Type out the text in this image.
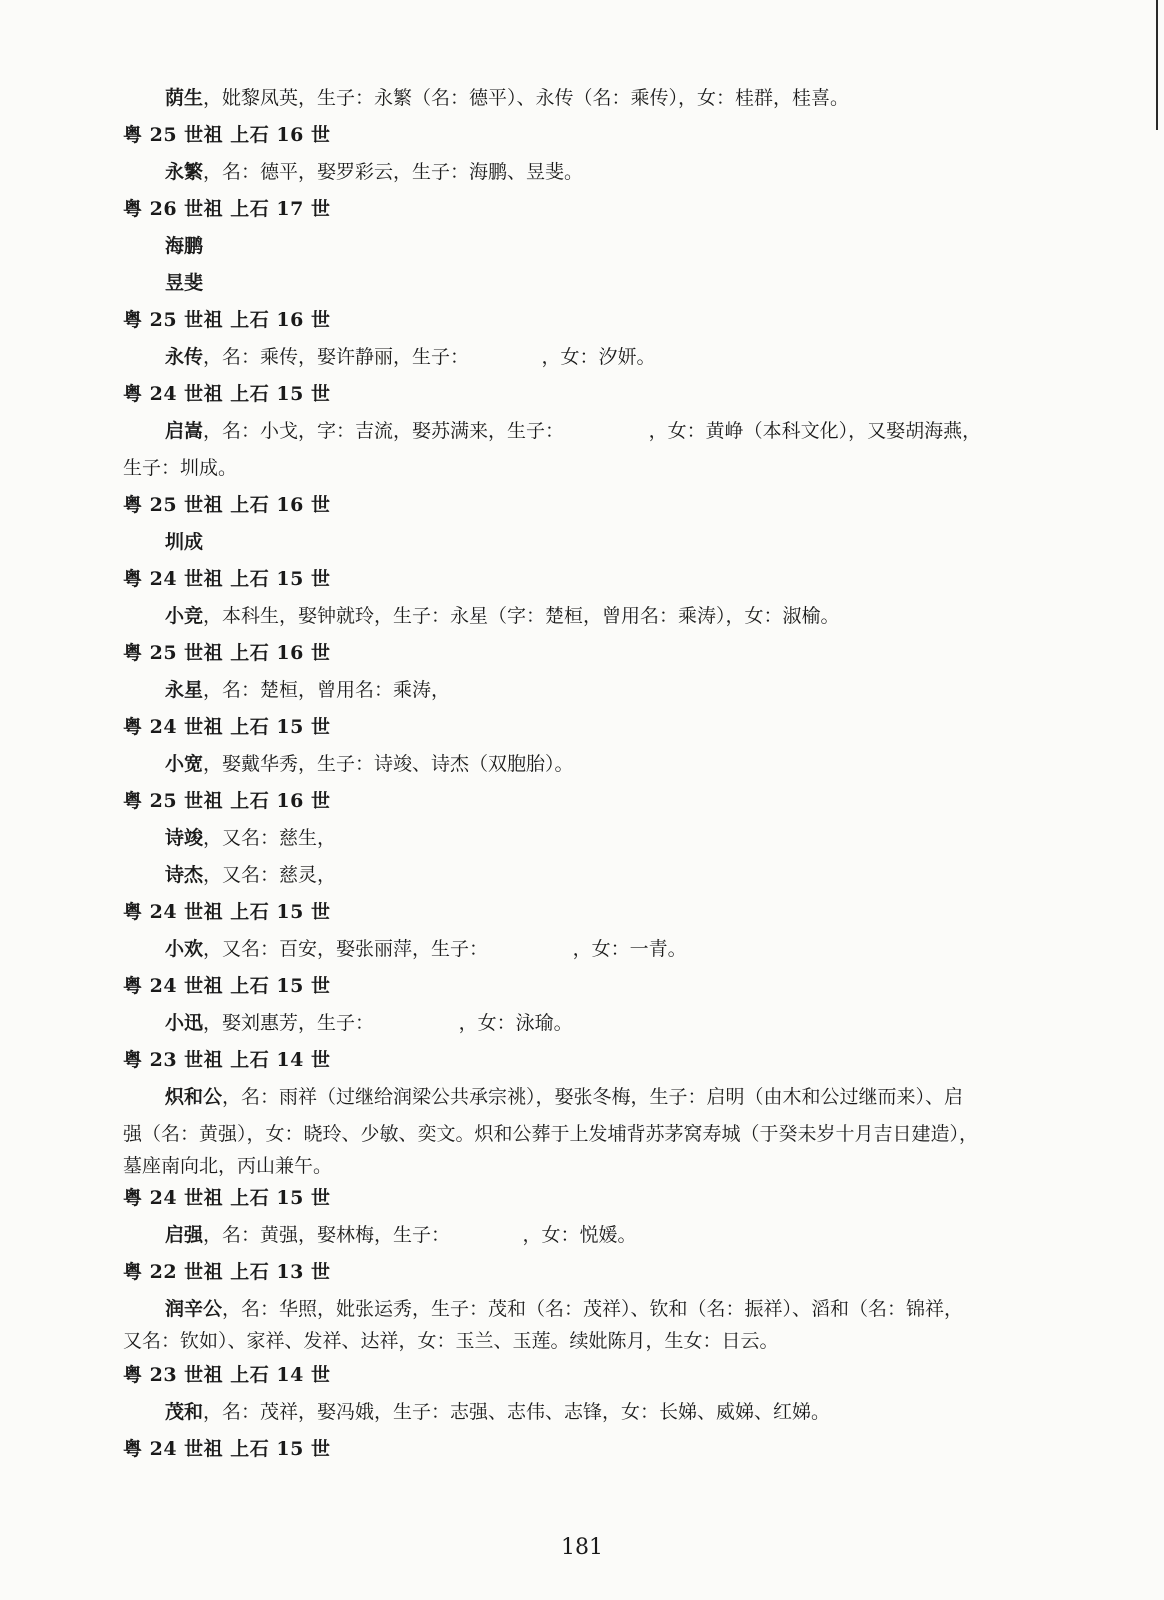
荫生，妣黎凤英，生子：永繁（名：德平）、永传（名：乘传），女：桂群，桂喜。
粤 25 世祖 上石 16 世
永繁，名：德平，娶罗彩云，生子：海鹏、昱斐。
粤 26 世祖 上石 17 世
海鹏
昱斐
粤 25 世祖 上石 16 世
永传，名：乘传，娶许静丽，生子：            ，女：汐妍。
粤 24 世祖 上石 15 世
启嵩，名：小戈，字：吉流，娶苏满来，生子：              ，女：黄峥（本科文化），又娶胡海燕，
生子：圳成。
粤 25 世祖 上石 16 世
圳成
粤 24 世祖 上石 15 世
小竞，本科生，娶钟就玲，生子：永星（字：楚桓，曾用名：乘涛），女：淑榆。
粤 25 世祖 上石 16 世
永星，名：楚桓，曾用名：乘涛，
粤 24 世祖 上石 15 世
小宽，娶戴华秀，生子：诗竣、诗杰（双胞胎）。
粤 25 世祖 上石 16 世
诗竣，又名：慈生，
诗杰，又名：慈灵，
粤 24 世祖 上石 15 世
小欢，又名：百安，娶张丽萍，生子：              ，女：一青。
粤 24 世祖 上石 15 世
小迅，娶刘惠芳，生子：              ，女：泳瑜。
粤 23 世祖 上石 14 世
炽和公，名：雨祥（过继给润梁公共承宗祧），娶张冬梅，生子：启明（由木和公过继而来）、启
强（名：黄强），女：晓玲、少敏、奕文。炽和公葬于上发埔背苏茅窝寿城（于癸未岁十月吉日建造），
墓座南向北，丙山兼午。
粤 24 世祖 上石 15 世
启强，名：黄强，娶林梅，生子：            ，女：悦媛。
粤 22 世祖 上石 13 世
润辛公，名：华照，妣张运秀，生子：茂和（名：茂祥）、钦和（名：振祥）、滔和（名：锦祥，
又名：钦如）、家祥、发祥、达祥，女：玉兰、玉莲。续妣陈月，生女：日云。
粤 23 世祖 上石 14 世
茂和，名：茂祥，娶冯娥，生子：志强、志伟、志锋，女：长娣、威娣、红娣。
粤 24 世祖 上石 15 世
181
